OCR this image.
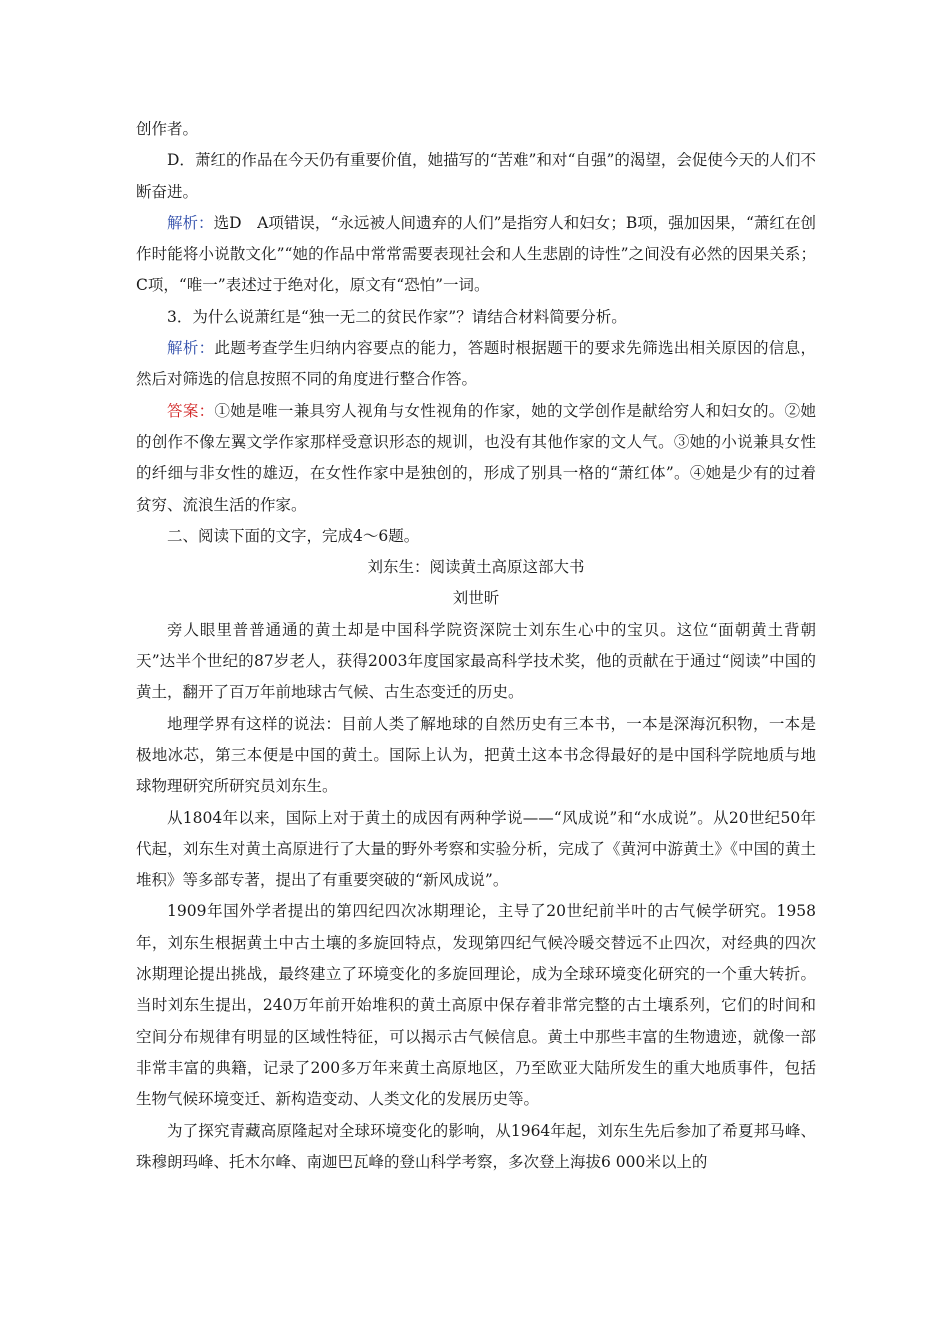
创作者。

D．萧红的作品在今天仍有重要价值，她描写的“苦难”和对“自强”的渴望，会促使今天的人们不断奋进。

解析：选D　A项错误，“永远被人间遗弃的人们”是指穷人和妇女；B项，强加因果，“萧红在创作时能将小说散文化”“她的作品中常常需要表现社会和人生悲剧的诗性”之间没有必然的因果关系；C项，“唯一”表述过于绝对化，原文有“恐怕”一词。

3．为什么说萧红是“独一无二的贫民作家”？请结合材料简要分析。

解析：此题考查学生归纳内容要点的能力，答题时根据题干的要求先筛选出相关原因的信息，然后对筛选的信息按照不同的角度进行整合作答。

答案：①她是唯一兼具穷人视角与女性视角的作家，她的文学创作是献给穷人和妇女的。②她的创作不像左翼文学作家那样受意识形态的规训，也没有其他作家的文人气。③她的小说兼具女性的纤细与非女性的雄迈，在女性作家中是独创的，形成了别具一格的“萧红体”。④她是少有的过着贫穷、流浪生活的作家。

二、阅读下面的文字，完成4～6题。

刘东生：阅读黄土高原这部大书

刘世昕

旁人眼里普普通通的黄土却是中国科学院资深院士刘东生心中的宝贝。这位“面朝黄土背朝天”达半个世纪的87岁老人，获得2003年度国家最高科学技术奖，他的贡献在于通过“阅读”中国的黄土，翻开了百万年前地球古气候、古生态变迁的历史。

地理学界有这样的说法：目前人类了解地球的自然历史有三本书，一本是深海沉积物，一本是极地冰芯，第三本便是中国的黄土。国际上认为，把黄土这本书念得最好的是中国科学院地质与地球物理研究所研究员刘东生。

从1804年以来，国际上对于黄土的成因有两种学说——“风成说”和“水成说”。从20世纪50年代起，刘东生对黄土高原进行了大量的野外考察和实验分析，完成了《黄河中游黄土》《中国的黄土堆积》等多部专著，提出了有重要突破的“新风成说”。

1909年国外学者提出的第四纪四次冰期理论，主导了20世纪前半叶的古气候学研究。1958年，刘东生根据黄土中古土壤的多旋回特点，发现第四纪气候冷暖交替远不止四次，对经典的四次冰期理论提出挑战，最终建立了环境变化的多旋回理论，成为全球环境变化研究的一个重大转折。当时刘东生提出，240万年前开始堆积的黄土高原中保存着非常完整的古土壤系列，它们的时间和空间分布规律有明显的区域性特征，可以揭示古气候信息。黄土中那些丰富的生物遗迹，就像一部非常丰富的典籍，记录了200多万年来黄土高原地区，乃至欧亚大陆所发生的重大地质事件，包括生物气候环境变迁、新构造变动、人类文化的发展历史等。

为了探究青藏高原隆起对全球环境变化的影响，从1964年起，刘东生先后参加了希夏邦马峰、珠穆朗玛峰、托木尔峰、南迦巴瓦峰的登山科学考察，多次登上海拔6 000米以上的
